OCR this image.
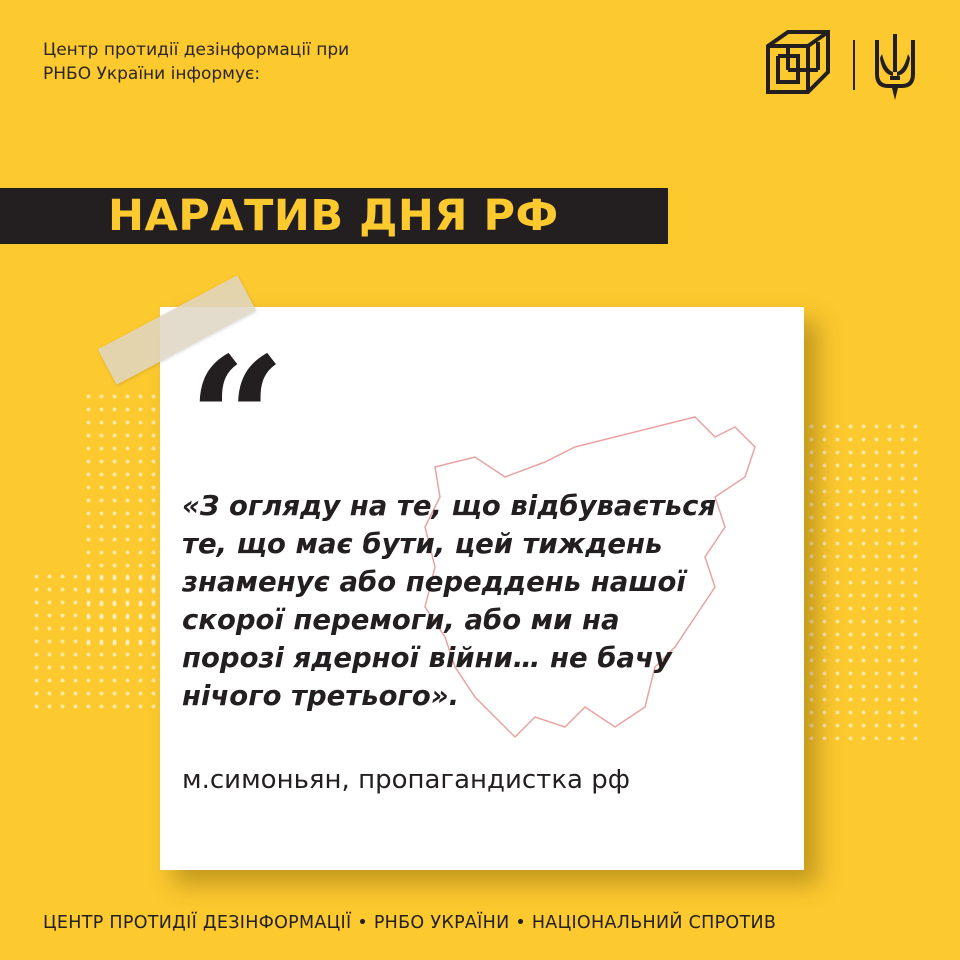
Центр протидії дезінформації при
РНБО України інформує:
НАРАТИВ ДНЯ РФ
“
«З огляду на те, що відбувається
те, що має бути, цей тиждень
знаменує або переддень нашої
скорої перемоги, або ми на
порозі ядерної війни… не бачу
нічого третього».
м.симоньян, пропагандистка рф
ЦЕНТР ПРОТИДІЇ ДЕЗІНФОРМАЦІЇ • РНБО УКРАЇНИ • НАЦІОНАЛЬНИЙ СПРОТИВ
